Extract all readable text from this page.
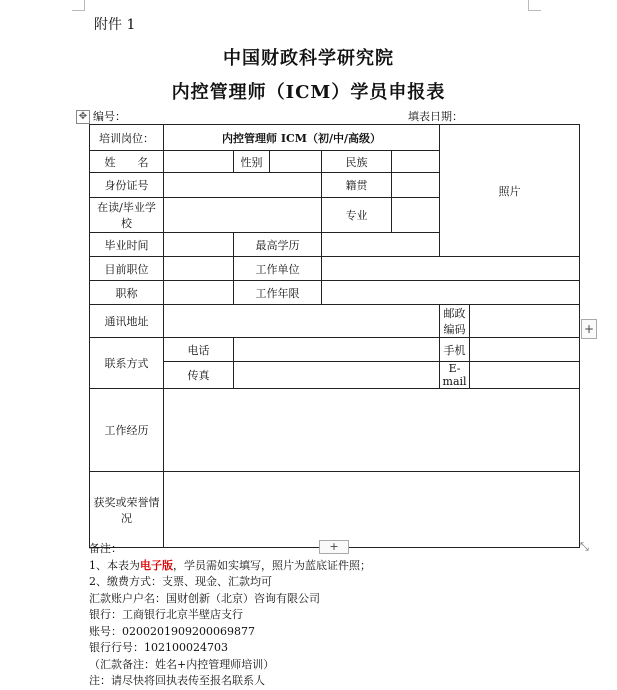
附件 1
中国财政科学研究院
内控管理师（ICM）学员申报表
✥ 编号：	填表日期：
培训岗位：	内控管理师 ICM（初/中/高级）					照片	
姓　　名		性别		民族			
身份证号				籍贯			
在读/毕业学校				专业			
毕业时间		最高学历					
目前职位		工作单位					
职称		工作年限					
通讯地址						邮政编码	
联系方式	电话					手机	
	传真					E-mail	
工作经历							
获奖或荣誉情况							
+
+	⤡
备注：
1、本表为电子版，学员需如实填写，照片为蓝底证件照；
2、缴费方式：支票、现金、汇款均可
汇款账户户名：国财创新（北京）咨询有限公司
银行：工商银行北京半壁店支行
账号：0200201909200069877
银行行号：102100024703
（汇款备注：姓名+内控管理师培训）
注：请尽快将回执表传至报名联系人
